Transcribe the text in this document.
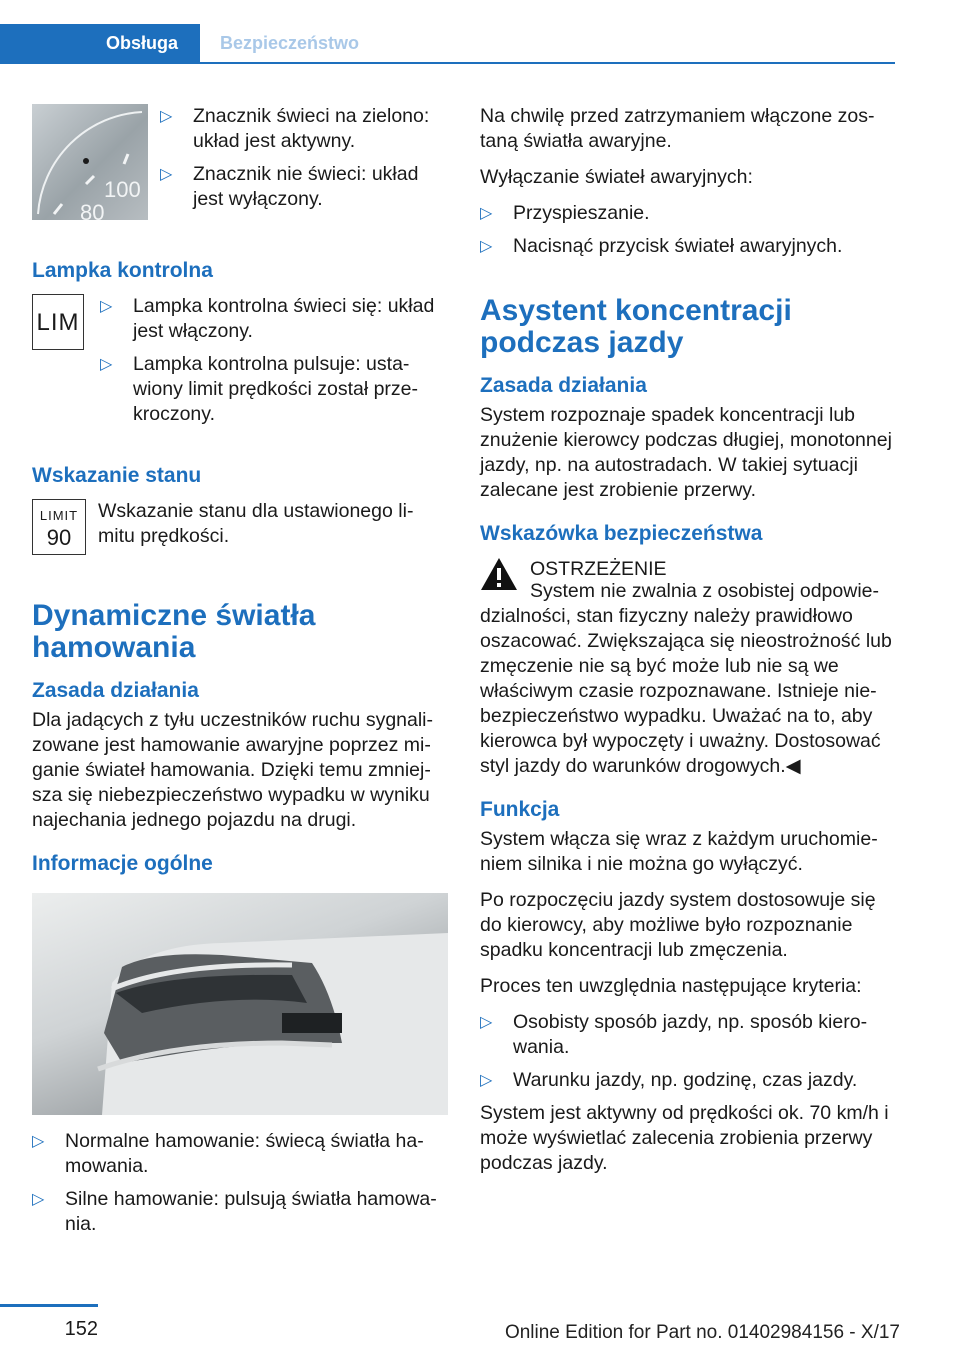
Obsługa	Bezpieczeństwo
100
80
▷ Znacznik świeci na zielono: układ jest aktywny.
▷ Znacznik nie świeci: układ jest wyłączony.
Lampka kontrolna
LIM
▷ Lampka kontrolna świeci się: układ jest włączony.
▷ Lampka kontrolna pulsuje: ustawiony limit prędkości został przekroczony.
Wskazanie stanu
LIMIT
90

Wskazanie stanu dla ustawionego limitu prędkości.

Dynamiczne światła hamowania
Zasada działania

Dla jadących z tyłu uczestników ruchu sygnalizowane jest hamowanie awaryjne poprzez miganie świateł hamowania. Dzięki temu zmniejsza się niebezpieczeństwo wypadku w wyniku najechania jednego pojazdu na drugi.

Informacje ogólne
▷ Normalne hamowanie: świecą światła hamowania.
▷ Silne hamowanie: pulsują światła hamowania.

Na chwilę przed zatrzymaniem włączone zostaną światła awaryjne.

Wyłączanie świateł awaryjnych:

▷ Przyspieszanie.
▷ Nacisnąć przycisk świateł awaryjnych.
Asystent koncentracji podczas jazdy
Zasada działania

System rozpoznaje spadek koncentracji lub znużenie kierowcy podczas długiej, monotonnej jazdy, np. na autostradach. W takiej sytuacji zalecane jest zrobienie przerwy.

Wskazówka bezpieczeństwa
OSTRZEŻENIE

System nie zwalnia z osobistej odpowiedzialności, stan fizyczny należy prawidłowo oszacować. Zwiększająca się nieostrożność lub zmęczenie nie są być może lub nie są we właściwym czasie rozpoznawane. Istnieje niebezpieczeństwo wypadku. Uważać na to, aby kierowca był wypoczęty i uważny. Dostosować styl jazdy do warunków drogowych.◀

Funkcja

System włącza się wraz z każdym uruchomieniem silnika i nie można go wyłączyć.

Po rozpoczęciu jazdy system dostosowuje się do kierowcy, aby możliwe było rozpoznanie spadku koncentracji lub zmęczenia.

Proces ten uwzględnia następujące kryteria:

▷ Osobisty sposób jazdy, np. sposób kierowania.
▷ Warunku jazdy, np. godzinę, czas jazdy.

System jest aktywny od prędkości ok. 70 km/h i może wyświetlać zalecenia zrobienia przerwy podczas jazdy.

152	Online Edition for Part no. 01402984156 - X/17
